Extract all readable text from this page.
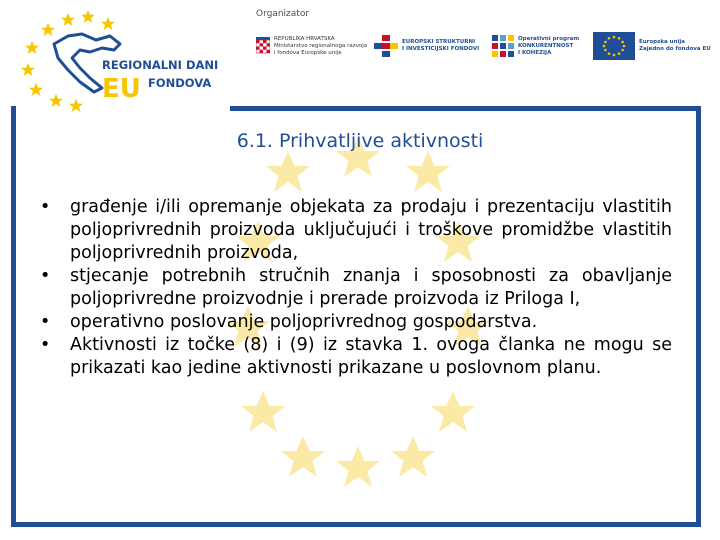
REGIONALNI DANI
EU FONDOVA
Organizator
REPUBLIKA HRVATSKA
Ministarstvo regionalnoga razvoja
i fondova Europske unije
EUROPSKI STRUKTURNI
I INVESTICIJSKI FONDOVI
Operativni program
KONKURENTNOST
I KOHEZIJA
Europska unija
Zajedno do fondova EU
6.1. Prihvatljive aktivnosti
• građenje i/ili opremanje objekata za prodaju i prezentaciju vlastitih poljoprivrednih proizvoda uključujući i troškove promidžbe vlastitih poljoprivrednih proizvoda,
• stjecanje potrebnih stručnih znanja i sposobnosti za obavljanje poljoprivredne proizvodnje i prerade proizvoda iz Priloga I,
• operativno poslovanje poljoprivrednog gospodarstva.
• Aktivnosti iz točke (8) i (9) iz stavka 1. ovoga članka ne mogu se prikazati kao jedine aktivnosti prikazane u poslovnom planu.
